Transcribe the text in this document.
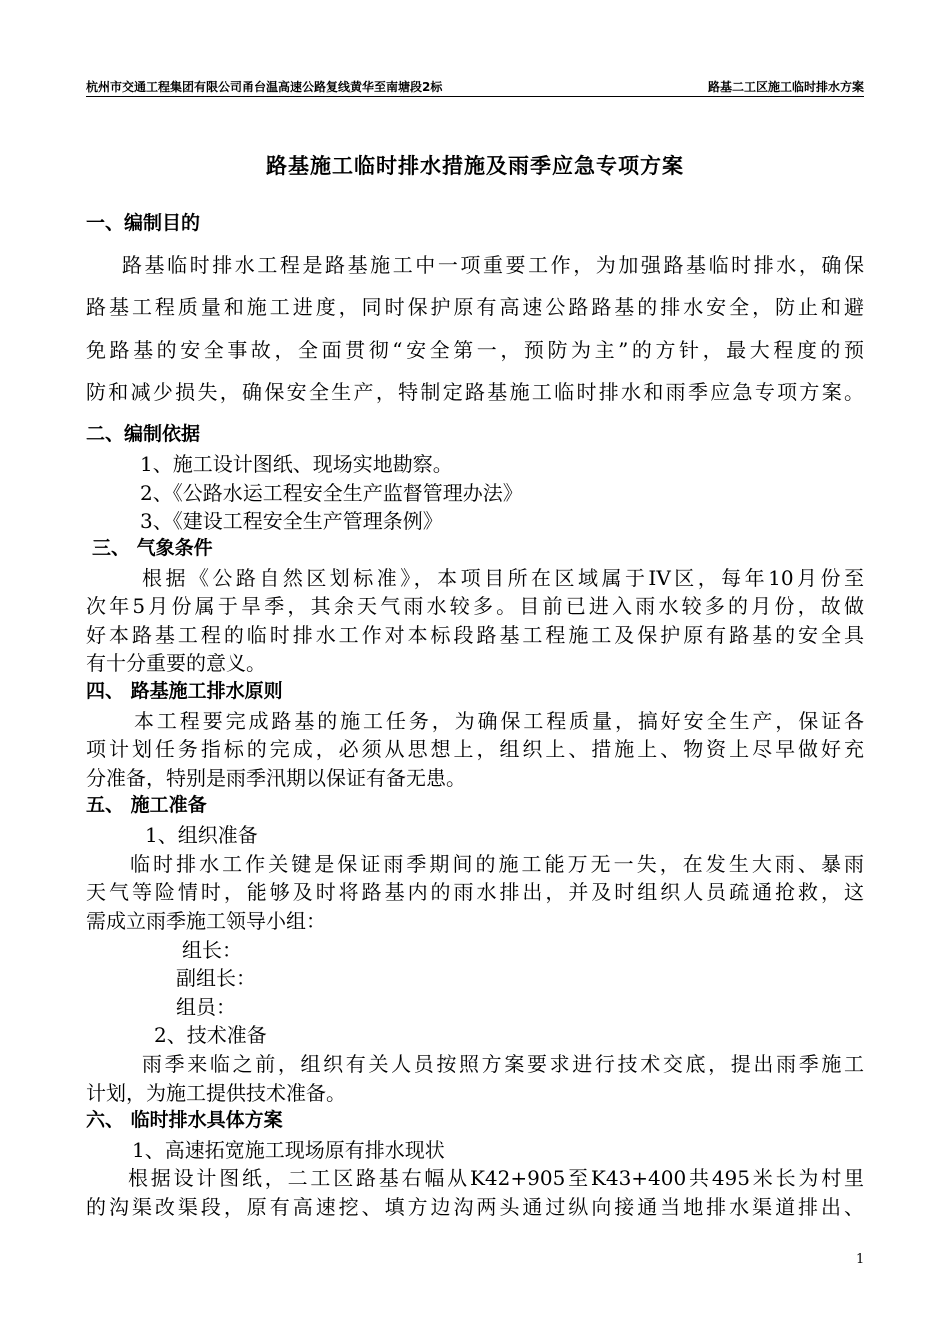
杭州市交通工程集团有限公司甬台温高速公路复线黄华至南塘段2标	路基二工区施工临时排水方案
路基施工临时排水措施及雨季应急专项方案
一、编制目的
路基临时排水工程是路基施工中一项重要工作，为加强路基临时排水，确保
路基工程质量和施工进度，同时保护原有高速公路路基的排水安全，防止和避
免路基的安全事故，全面贯彻“安全第一，预防为主”的方针，最大程度的预
防和减少损失，确保安全生产，特制定路基施工临时排水和雨季应急专项方案。
二、编制依据
1、施工设计图纸、现场实地勘察。
2、《公路水运工程安全生产监督管理办法》
3、《建设工程安全生产管理条例》
三、 气象条件
根据《公路自然区划标准》，本项目所在区域属于IV区，每年10月份至
次年5月份属于旱季，其余天气雨水较多。目前已进入雨水较多的月份，故做
好本路基工程的临时排水工作对本标段路基工程施工及保护原有路基的安全具
有十分重要的意义。
四、 路基施工排水原则
本工程要完成路基的施工任务，为确保工程质量，搞好安全生产，保证各
项计划任务指标的完成，必须从思想上，组织上、措施上、物资上尽早做好充
分准备，特别是雨季汛期以保证有备无患。
五、 施工准备
1、组织准备
临时排水工作关键是保证雨季期间的施工能万无一失，在发生大雨、暴雨
天气等险情时，能够及时将路基内的雨水排出，并及时组织人员疏通抢救，这
需成立雨季施工领导小组：
组长：
副组长：
组员：
2、技术准备
雨季来临之前，组织有关人员按照方案要求进行技术交底，提出雨季施工
计划，为施工提供技术准备。
六、 临时排水具体方案
1、高速拓宽施工现场原有排水现状
根据设计图纸，二工区路基右幅从K42+905至K43+400共495米长为村里
的沟渠改渠段，原有高速挖、填方边沟两头通过纵向接通当地排水渠道排出、
1
